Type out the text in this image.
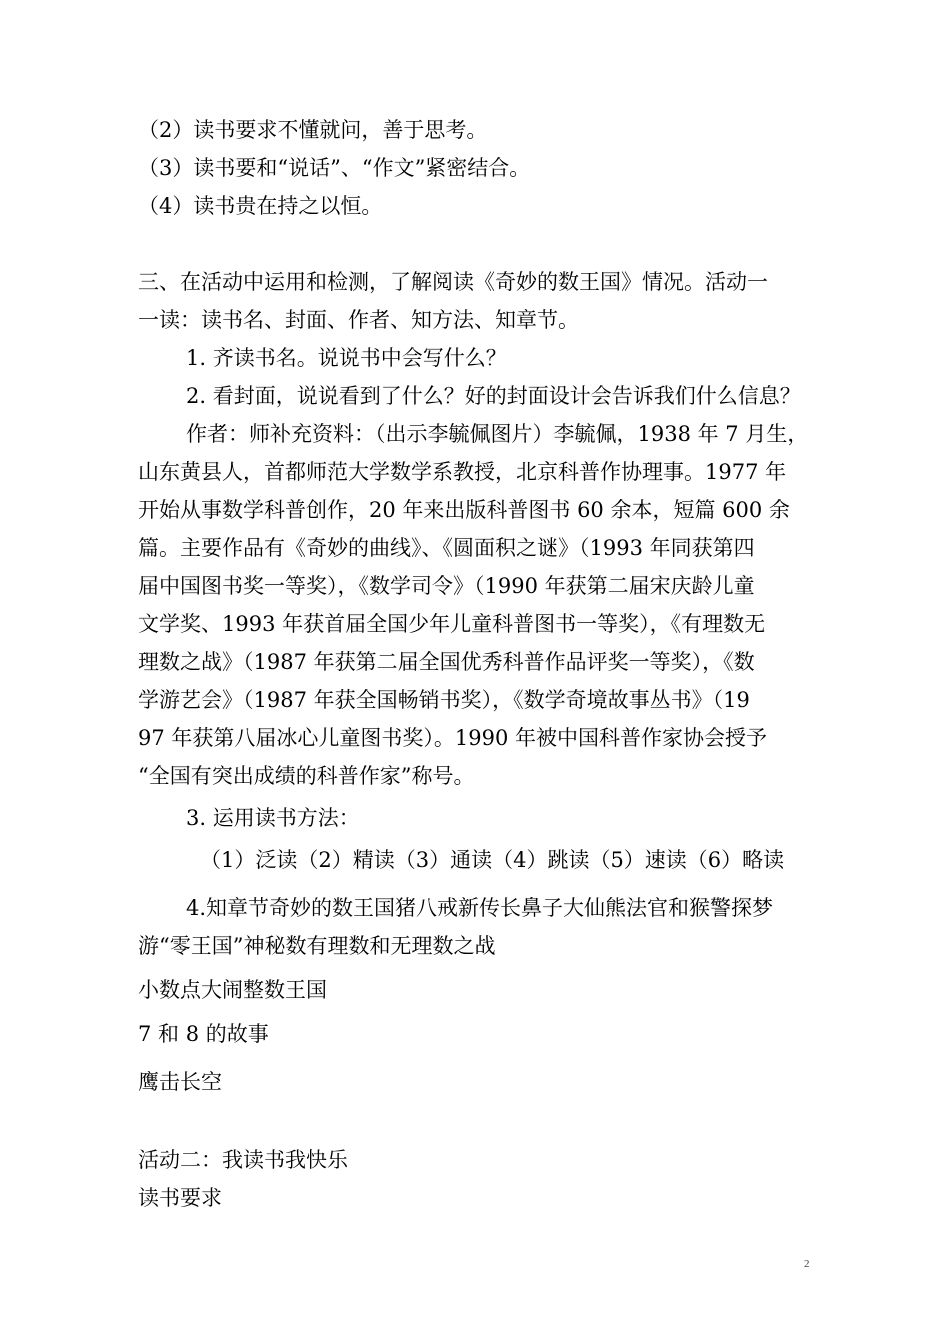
（2）读书要求不懂就问，善于思考。

（3）读书要和“说话”、“作文”紧密结合。

（4）读书贵在持之以恒。

三、在活动中运用和检测，了解阅读《奇妙的数王国》情况。活动一

一读：读书名、封面、作者、知方法、知章节。

1. 齐读书名。说说书中会写什么？

2. 看封面，说说看到了什么？好的封面设计会告诉我们什么信息？

作者：师补充资料：（出示李毓佩图片）李毓佩，1938 年 7 月生，

山东黄县人，首都师范大学数学系教授，北京科普作协理事。1977 年

开始从事数学科普创作，20 年来出版科普图书 60 余本，短篇 600 余

篇。主要作品有《奇妙的曲线》、《圆面积之谜》（1993 年同获第四

届中国图书奖一等奖），《数学司令》（1990 年获第二届宋庆龄儿童

文学奖、1993 年获首届全国少年儿童科普图书一等奖），《有理数无

理数之战》（1987 年获第二届全国优秀科普作品评奖一等奖），《数

学游艺会》（1987 年获全国畅销书奖），《数学奇境故事丛书》（19

97 年获第八届冰心儿童图书奖）。1990 年被中国科普作家协会授予

“全国有突出成绩的科普作家”称号。

3. 运用读书方法：

（1）泛读（2）精读（3）通读（4）跳读（5）速读（6）略读

4.知章节奇妙的数王国猪八戒新传长鼻子大仙熊法官和猴警探梦

游“零王国”神秘数有理数和无理数之战

小数点大闹整数王国

7 和 8 的故事

鹰击长空

活动二：我读书我快乐

读书要求

2
